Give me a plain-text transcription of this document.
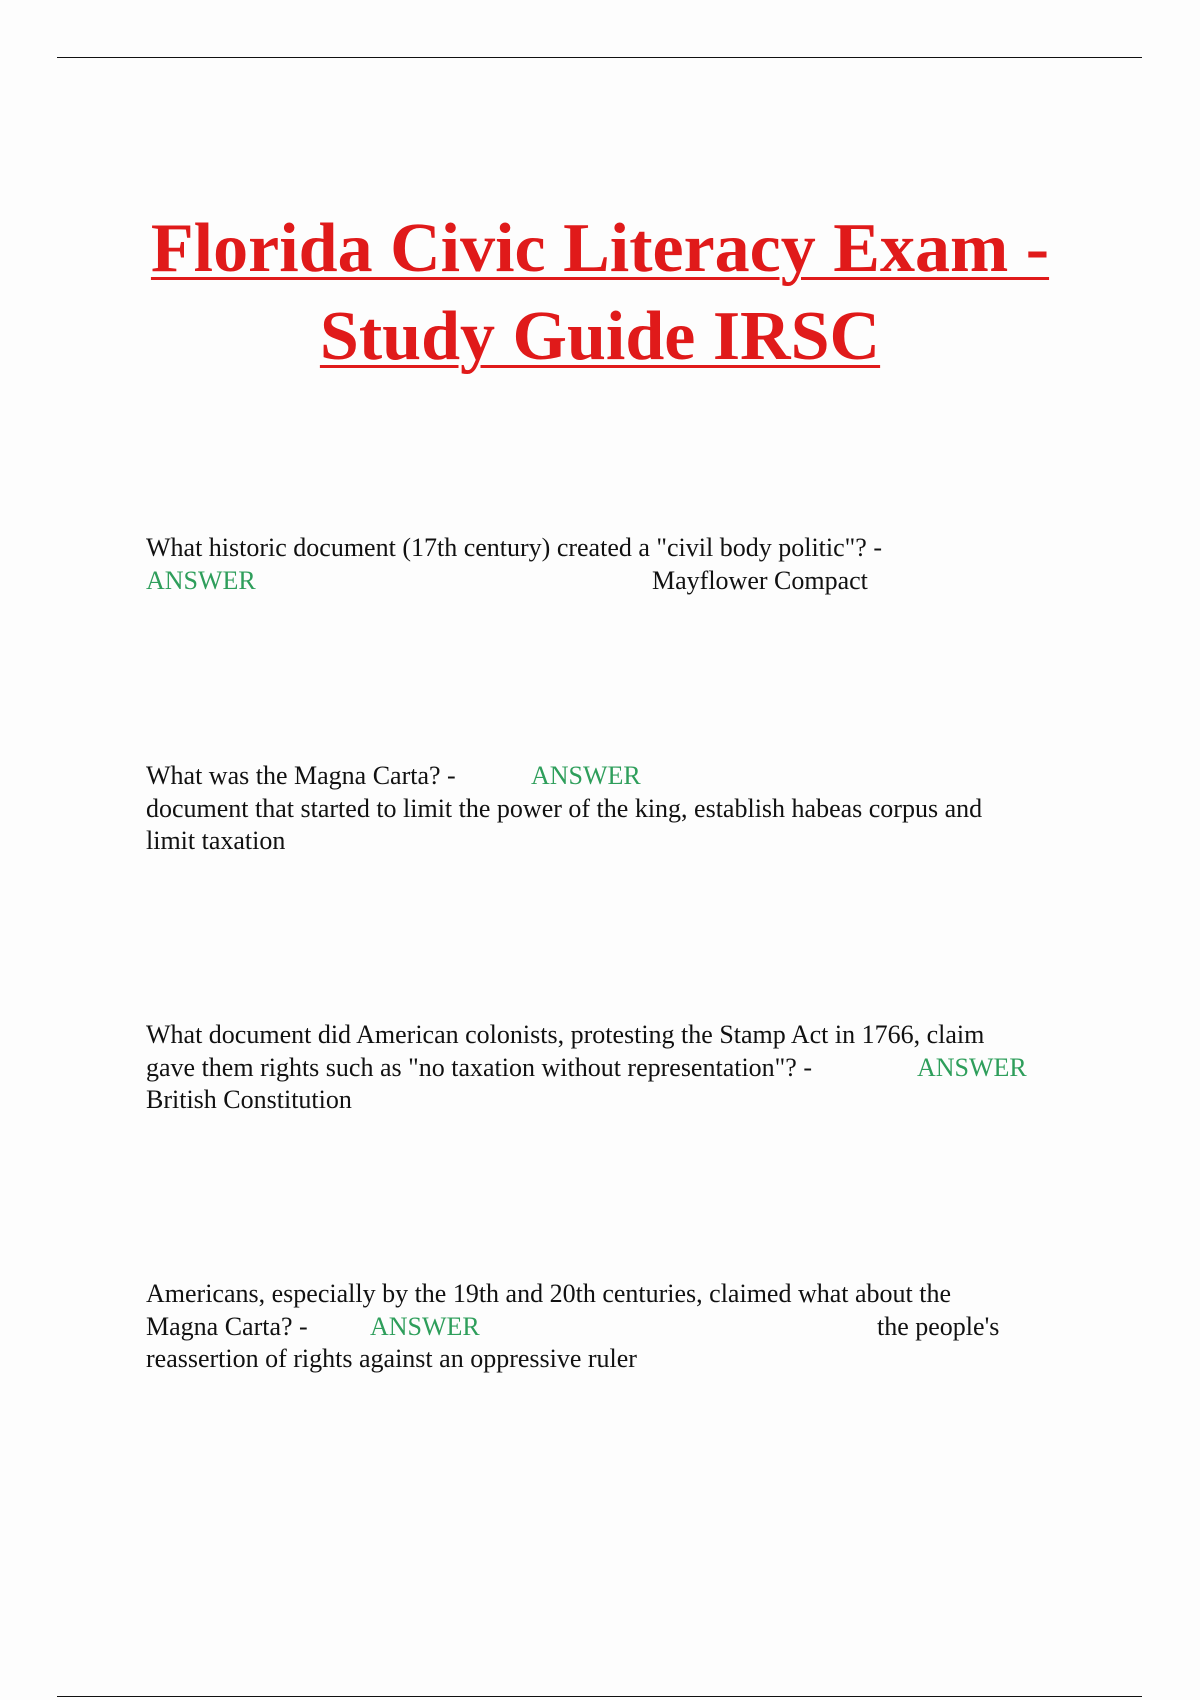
Florida Civic Literacy Exam -
Study Guide IRSC
What historic document (17th century) created a "civil body politic"? -
ANSWER	Mayflower Compact
What was the Magna Carta? -	ANSWER
document that started to limit the power of the king, establish habeas corpus and
limit taxation
What document did American colonists, protesting the Stamp Act in 1766, claim
gave them rights such as "no taxation without representation"? -	ANSWER
British Constitution
Americans, especially by the 19th and 20th centuries, claimed what about the
Magna Carta? - ANSWER	the people's
reassertion of rights against an oppressive ruler
